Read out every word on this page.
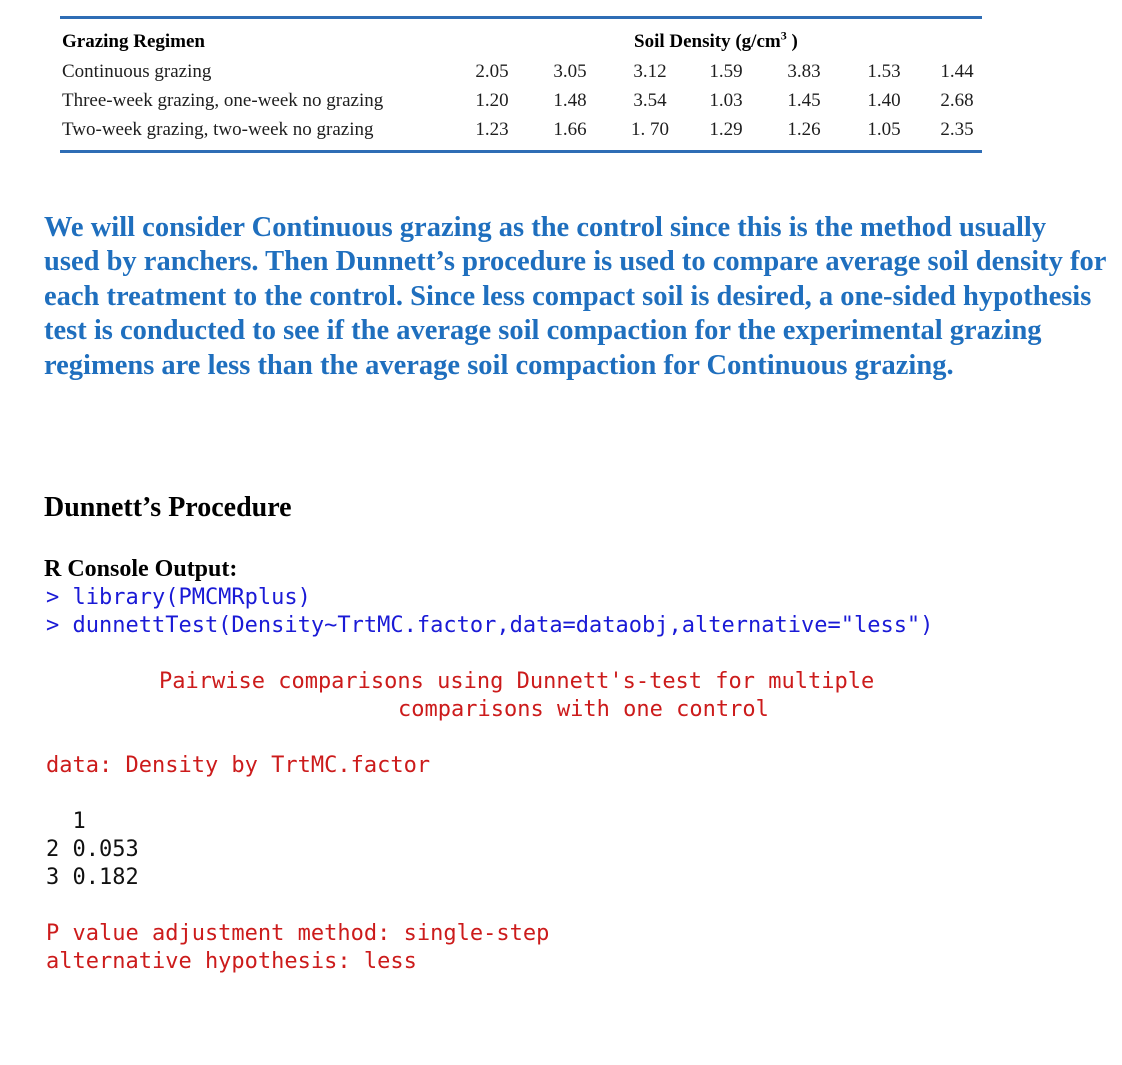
Grazing Regimen	Soil Density ($g/cm^3$ )
Continuous grazing	2.05	3.05	3.12	1.59	3.83	1.53	1.44
Three-week grazing, one-week no grazing	1.20	1.48	3.54	1.03	1.45	1.40	2.68
Two-week grazing, two-week no grazing	1.23	1.66	1. 70	1.29	1.26	1.05	2.35

We will consider Continuous grazing as the control since this is the method usually used by ranchers. Then Dunnett’s procedure is used to compare average soil density for each treatment to the control. Since less compact soil is desired, a one-sided hypothesis test is conducted to see if the average soil compaction for the experimental grazing regimens are less than the average soil compaction for Continuous grazing.

Dunnett’s Procedure
R Console Output:
> library(PMCMRplus)
> dunnettTest(Density~TrtMC.factor,data=dataobj,alternative="less")
Pairwise comparisons using Dunnett's-test for multiple
comparisons with one control
data: Density by TrtMC.factor
1
2 0.053
3 0.182
P value adjustment method: single-step
alternative hypothesis: less
